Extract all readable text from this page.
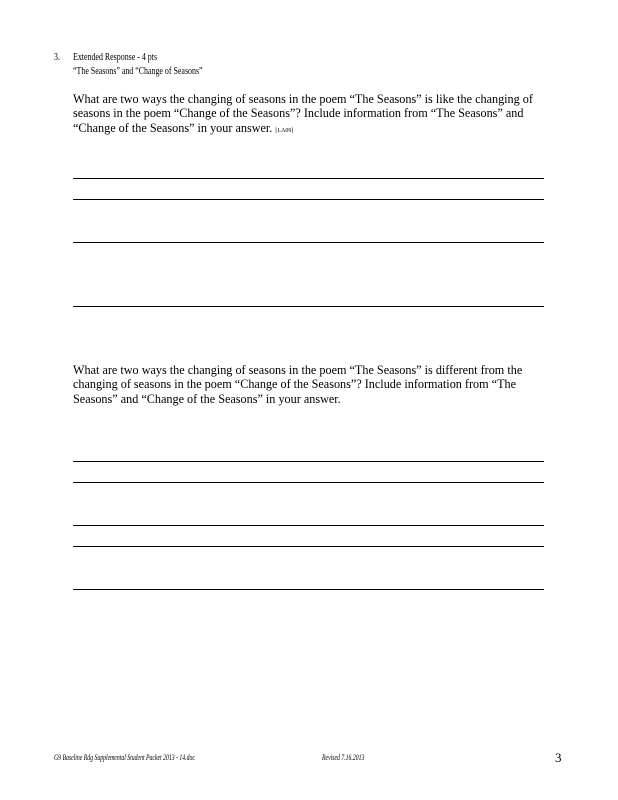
3. Extended Response - 4 pts
“The Seasons” and “Change of Seasons”
What are two ways the changing of seasons in the poem “The Seasons” is like the changing of
seasons in the poem “Change of the Seasons”? Include information from “The Seasons” and
“Change of the Seasons” in your answer. [LA09]
What are two ways the changing of seasons in the poem “The Seasons” is different from the
changing of seasons in the poem “Change of the Seasons”? Include information from “The
Seasons” and “Change of the Seasons” in your answer.
G9 Baseline Rdg Supplemental Student Packet 2013 - 14.doc	Revised 7.16.2013	3
